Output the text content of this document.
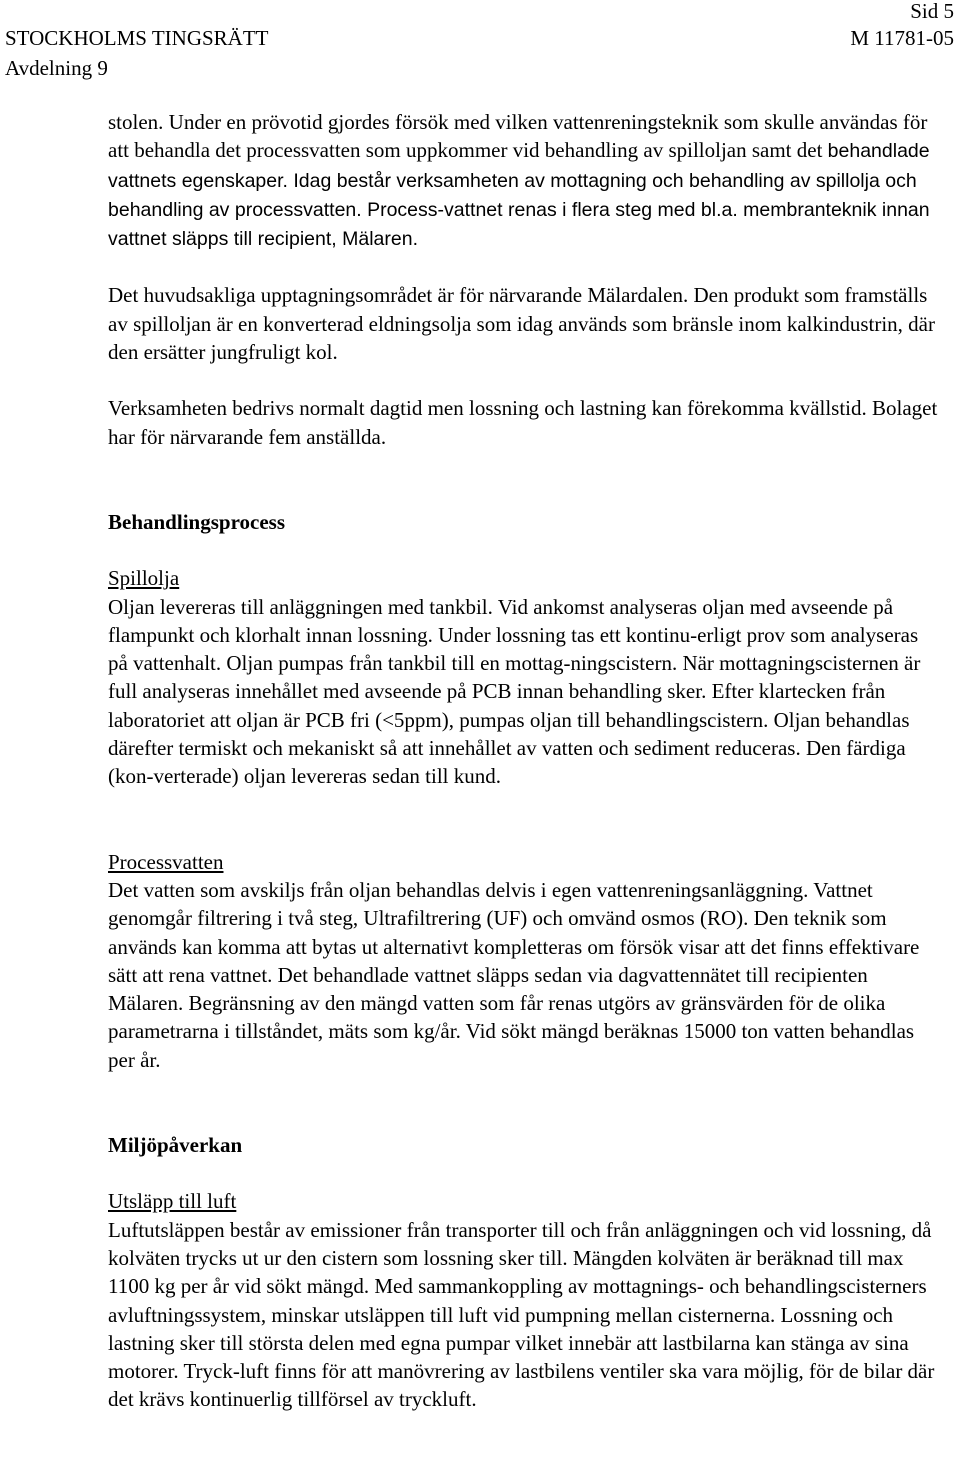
Sid 5
STOCKHOLMS TINGSRÄTT
Avdelning 9
M 11781-05

stolen. Under en prövotid gjordes försök med vilken vattenreningsteknik som skulle användas för att behandla det processvatten som uppkommer vid behandling av spilloljan samt det behandlade vattnets egenskaper. Idag består verksamheten av mottagning och behandling av spillolja och behandling av processvatten. Process-vattnet renas i flera steg med bl.a. membranteknik innan vattnet släpps till recipient, Mälaren.

Det huvudsakliga upptagningsområdet är för närvarande Mälardalen. Den produkt som framställs av spilloljan är en konverterad eldningsolja som idag används som bränsle inom kalkindustrin, där den ersätter jungfruligt kol.

Verksamheten bedrivs normalt dagtid men lossning och lastning kan förekomma kvällstid. Bolaget har för närvarande fem anställda.

Behandlingsprocess

Spillolja

Oljan levereras till anläggningen med tankbil. Vid ankomst analyseras oljan med avseende på flampunkt och klorhalt innan lossning. Under lossning tas ett kontinu-erligt prov som analyseras på vattenhalt. Oljan pumpas från tankbil till en mottag-ningscistern. När mottagningscisternen är full analyseras innehållet med avseende på PCB innan behandling sker. Efter klartecken från laboratoriet att oljan är PCB fri (<5ppm), pumpas oljan till behandlingscistern. Oljan behandlas därefter termiskt och mekaniskt så att innehållet av vatten och sediment reduceras. Den färdiga (kon-verterade) oljan levereras sedan till kund.

Processvatten

Det vatten som avskiljs från oljan behandlas delvis i egen vattenreningsanläggning. Vattnet genomgår filtrering i två steg, Ultrafiltrering (UF) och omvänd osmos (RO). Den teknik som används kan komma att bytas ut alternativt kompletteras om försök visar att det finns effektivare sätt att rena vattnet. Det behandlade vattnet släpps sedan via dagvattennätet till recipienten Mälaren. Begränsning av den mängd vatten som får renas utgörs av gränsvärden för de olika parametrarna i tillståndet, mäts som kg/år. Vid sökt mängd beräknas 15000 ton vatten behandlas per år.

Miljöpåverkan

Utsläpp till luft

Luftutsläppen består av emissioner från transporter till och från anläggningen och vid lossning, då kolväten trycks ut ur den cistern som lossning sker till. Mängden kolväten är beräknad till max 1100 kg per år vid sökt mängd. Med sammankoppling av mottagnings- och behandlingscisterners avluftningssystem, minskar utsläppen till luft vid pumpning mellan cisternerna. Lossning och lastning sker till största delen med egna pumpar vilket innebär att lastbilarna kan stänga av sina motorer. Tryck-luft finns för att manövrering av lastbilens ventiler ska vara möjlig, för de bilar där det krävs kontinuerlig tillförsel av tryckluft.
